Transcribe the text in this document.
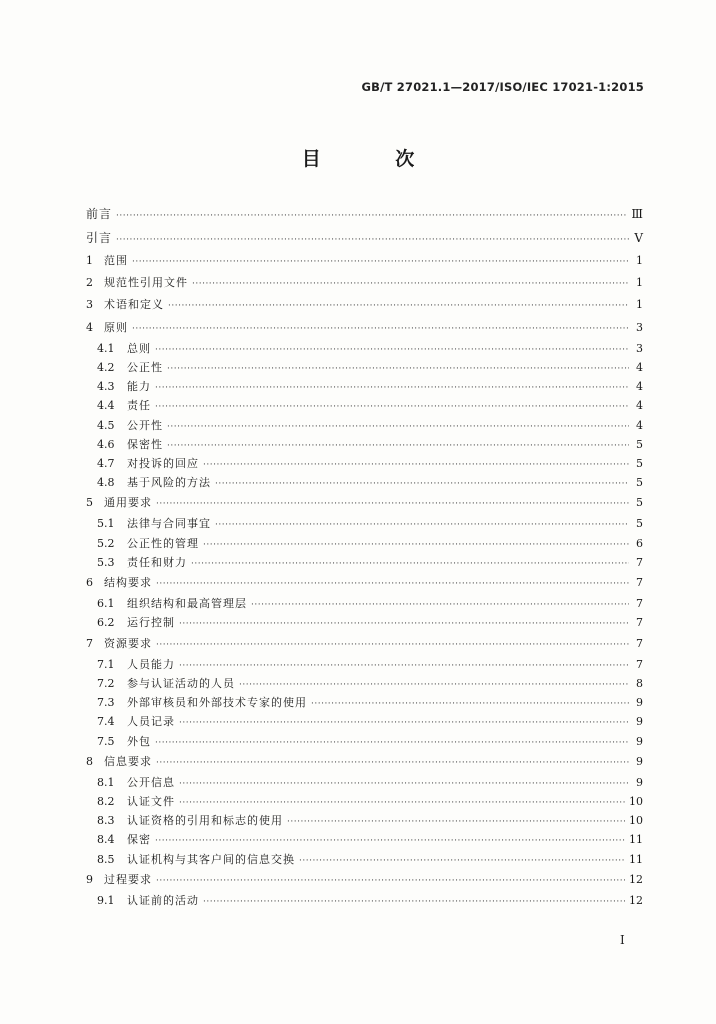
GB/T 27021.1—2017/ISO/IEC 17021-1:2015
目 次
前言 ·····	Ⅲ
引言 ·····	Ⅴ
1	范围 ·····	1
2	规范性引用文件 ·····	1
3	术语和定义 ·····	1
4	原则 ·····	3
4.1	总则 ·····	3
4.2	公正性 ·····	4
4.3	能力 ·····	4
4.4	责任 ·····	4
4.5	公开性 ·····	4
4.6	保密性 ·····	5
4.7	对投诉的回应 ·····	5
4.8	基于风险的方法 ·····	5
5	通用要求 ·····	5
5.1	法律与合同事宜 ·····	5
5.2	公正性的管理 ·····	6
5.3	责任和财力 ·····	7
6	结构要求 ·····	7
6.1	组织结构和最高管理层 ·····	7
6.2	运行控制 ·····	7
7	资源要求 ·····	7
7.1	人员能力 ·····	7
7.2	参与认证活动的人员 ·····	8
7.3	外部审核员和外部技术专家的使用 ·····	9
7.4	人员记录 ·····	9
7.5	外包 ·····	9
8	信息要求 ·····	9
8.1	公开信息 ·····	9
8.2	认证文件 ·····	10
8.3	认证资格的引用和标志的使用 ·····	10
8.4	保密 ·····	11
8.5	认证机构与其客户间的信息交换 ·····	11
9	过程要求 ·····	12
9.1	认证前的活动 ·····	12
Ⅰ
